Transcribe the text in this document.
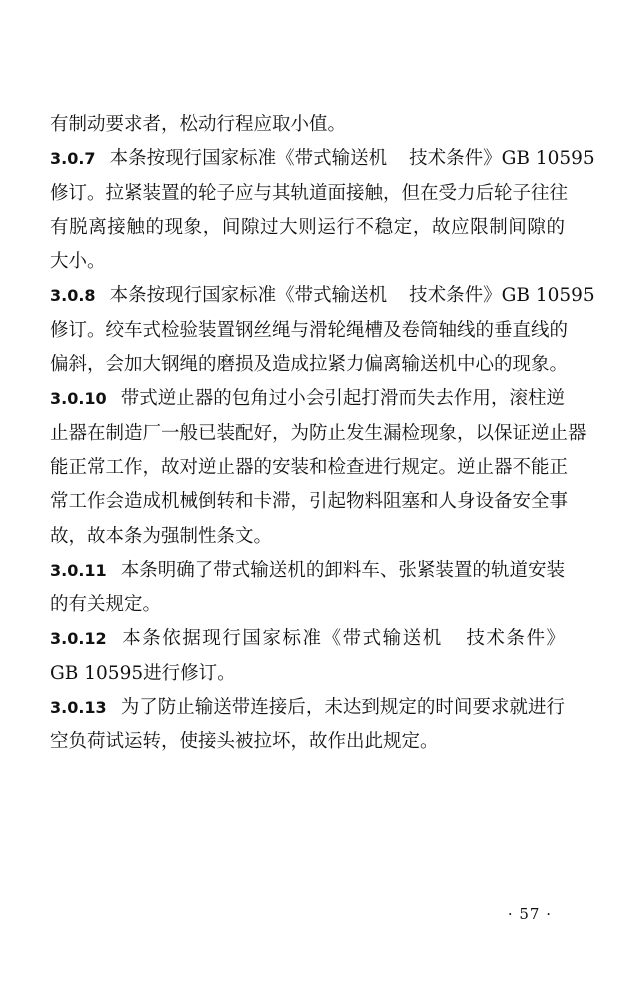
有制动要求者，松动行程应取小值。
3.0.7 本条按现行国家标准《带式输送机 技术条件》GB 10595
修订。拉紧装置的轮子应与其轨道面接触，但在受力后轮子往往
有脱离接触的现象，间隙过大则运行不稳定，故应限制间隙的
大小。
3.0.8 本条按现行国家标准《带式输送机 技术条件》GB 10595
修订。绞车式检验装置钢丝绳与滑轮绳槽及卷筒轴线的垂直线的
偏斜，会加大钢绳的磨损及造成拉紧力偏离输送机中心的现象。
3.0.10 带式逆止器的包角过小会引起打滑而失去作用，滚柱逆
止器在制造厂一般已装配好，为防止发生漏检现象，以保证逆止器
能正常工作，故对逆止器的安装和检查进行规定。逆止器不能正
常工作会造成机械倒转和卡滞，引起物料阻塞和人身设备安全事
故，故本条为强制性条文。
3.0.11 本条明确了带式输送机的卸料车、张紧装置的轨道安装
的有关规定。
3.0.12 本条依据现行国家标准《带式输送机 技术条件》
GB 10595进行修订。
3.0.13 为了防止输送带连接后，未达到规定的时间要求就进行
空负荷试运转，使接头被拉坏，故作出此规定。
· 57 ·
